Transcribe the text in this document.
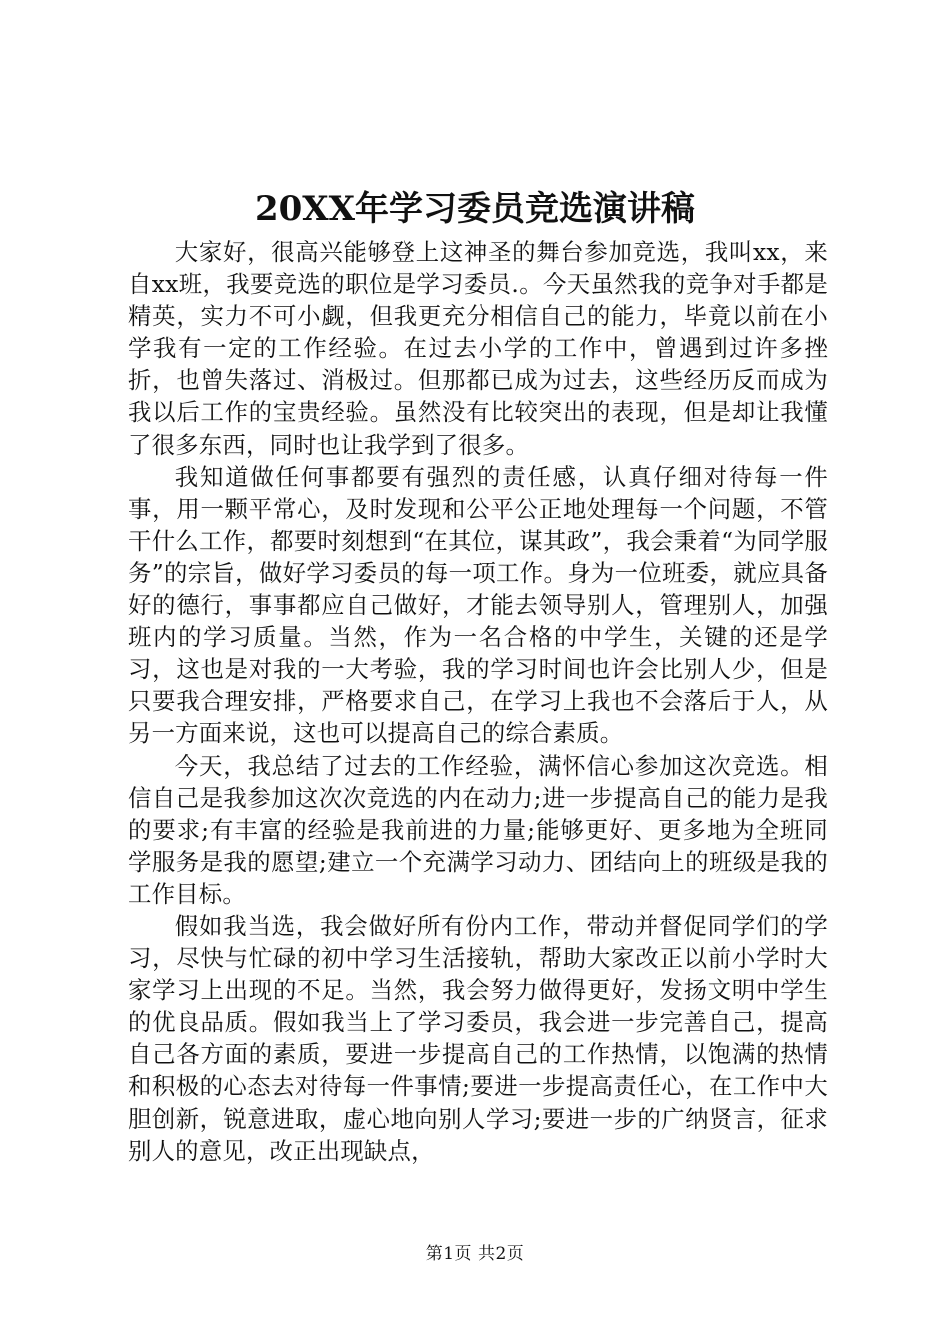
20XX年学习委员竞选演讲稿

大家好，很高兴能够登上这神圣的舞台参加竞选，我叫xx，来自xx班，我要竞选的职位是学习委员.。今天虽然我的竞争对手都是精英，实力不可小觑，但我更充分相信自己的能力，毕竟以前在小学我有一定的工作经验。在过去小学的工作中，曾遇到过许多挫折，也曾失落过、消极过。但那都已成为过去，这些经历反而成为我以后工作的宝贵经验。虽然没有比较突出的表现，但是却让我懂了很多东西，同时也让我学到了很多。

我知道做任何事都要有强烈的责任感，认真仔细对待每一件事，用一颗平常心，及时发现和公平公正地处理每一个问题，不管干什么工作，都要时刻想到“在其位，谋其政”，我会秉着“为同学服务”的宗旨，做好学习委员的每一项工作。身为一位班委，就应具备好的德行，事事都应自己做好，才能去领导别人，管理别人，加强班内的学习质量。当然，作为一名合格的中学生，关键的还是学习，这也是对我的一大考验，我的学习时间也许会比别人少，但是只要我合理安排，严格要求自己，在学习上我也不会落后于人，从另一方面来说，这也可以提高自己的综合素质。

今天，我总结了过去的工作经验，满怀信心参加这次竞选。相信自己是我参加这次次竞选的内在动力;进一步提高自己的能力是我的要求;有丰富的经验是我前进的力量;能够更好、更多地为全班同学服务是我的愿望;建立一个充满学习动力、团结向上的班级是我的工作目标。

假如我当选，我会做好所有份内工作，带动并督促同学们的学习，尽快与忙碌的初中学习生活接轨，帮助大家改正以前小学时大家学习上出现的不足。当然，我会努力做得更好，发扬文明中学生的优良品质。假如我当上了学习委员，我会进一步完善自己，提高自己各方面的素质，要进一步提高自己的工作热情，以饱满的热情和积极的心态去对待每一件事情;要进一步提高责任心，在工作中大胆创新，锐意进取，虚心地向别人学习;要进一步的广纳贤言，征求别人的意见，改正出现缺点，

第1页 共2页
